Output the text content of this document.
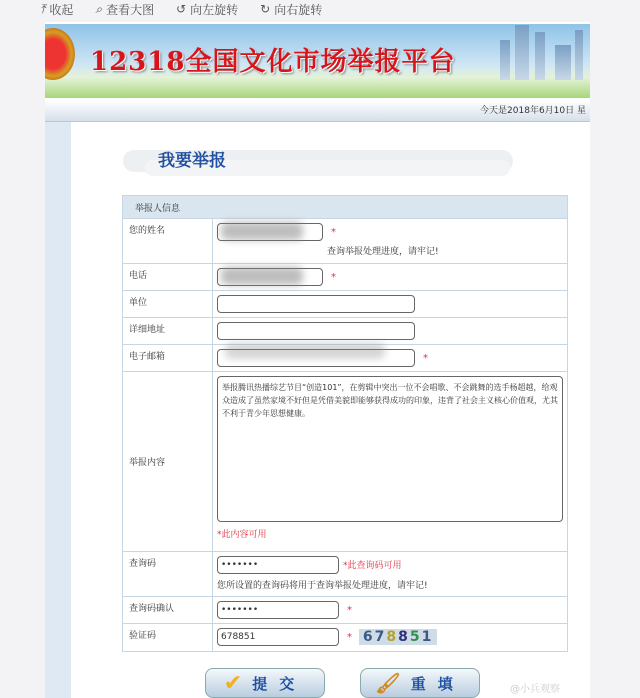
⤒ 收起 ⌕ 查看大图 ↺ 向左旋转 ↻ 向右旋转
12318全国文化市场举报平台
今天是2018年6月10日 星
我要举报
举报人信息	
您的姓名	*
查询举报处理进度，请牢记!

电话	*
单位	
详细地址	
电子邮箱	*
举报内容	举报腾讯热播综艺节目“创造101”，在剪辑中突出一位不会唱歌、不会跳舞的选手杨超越，给观众造成了虽然家境不好但是凭借美貌即能够获得成功的印象，违背了社会主义核心价值观，尤其不利于青少年思想健康。
*此内容可用

查询码	••••••• *此查询码可用
您所设置的查询码将用于查询举报处理进度，请牢记!

查询码确认	••••••• *
验证码	678851 * 678851
✔ 提交	🖌 重填	@小兵观察
